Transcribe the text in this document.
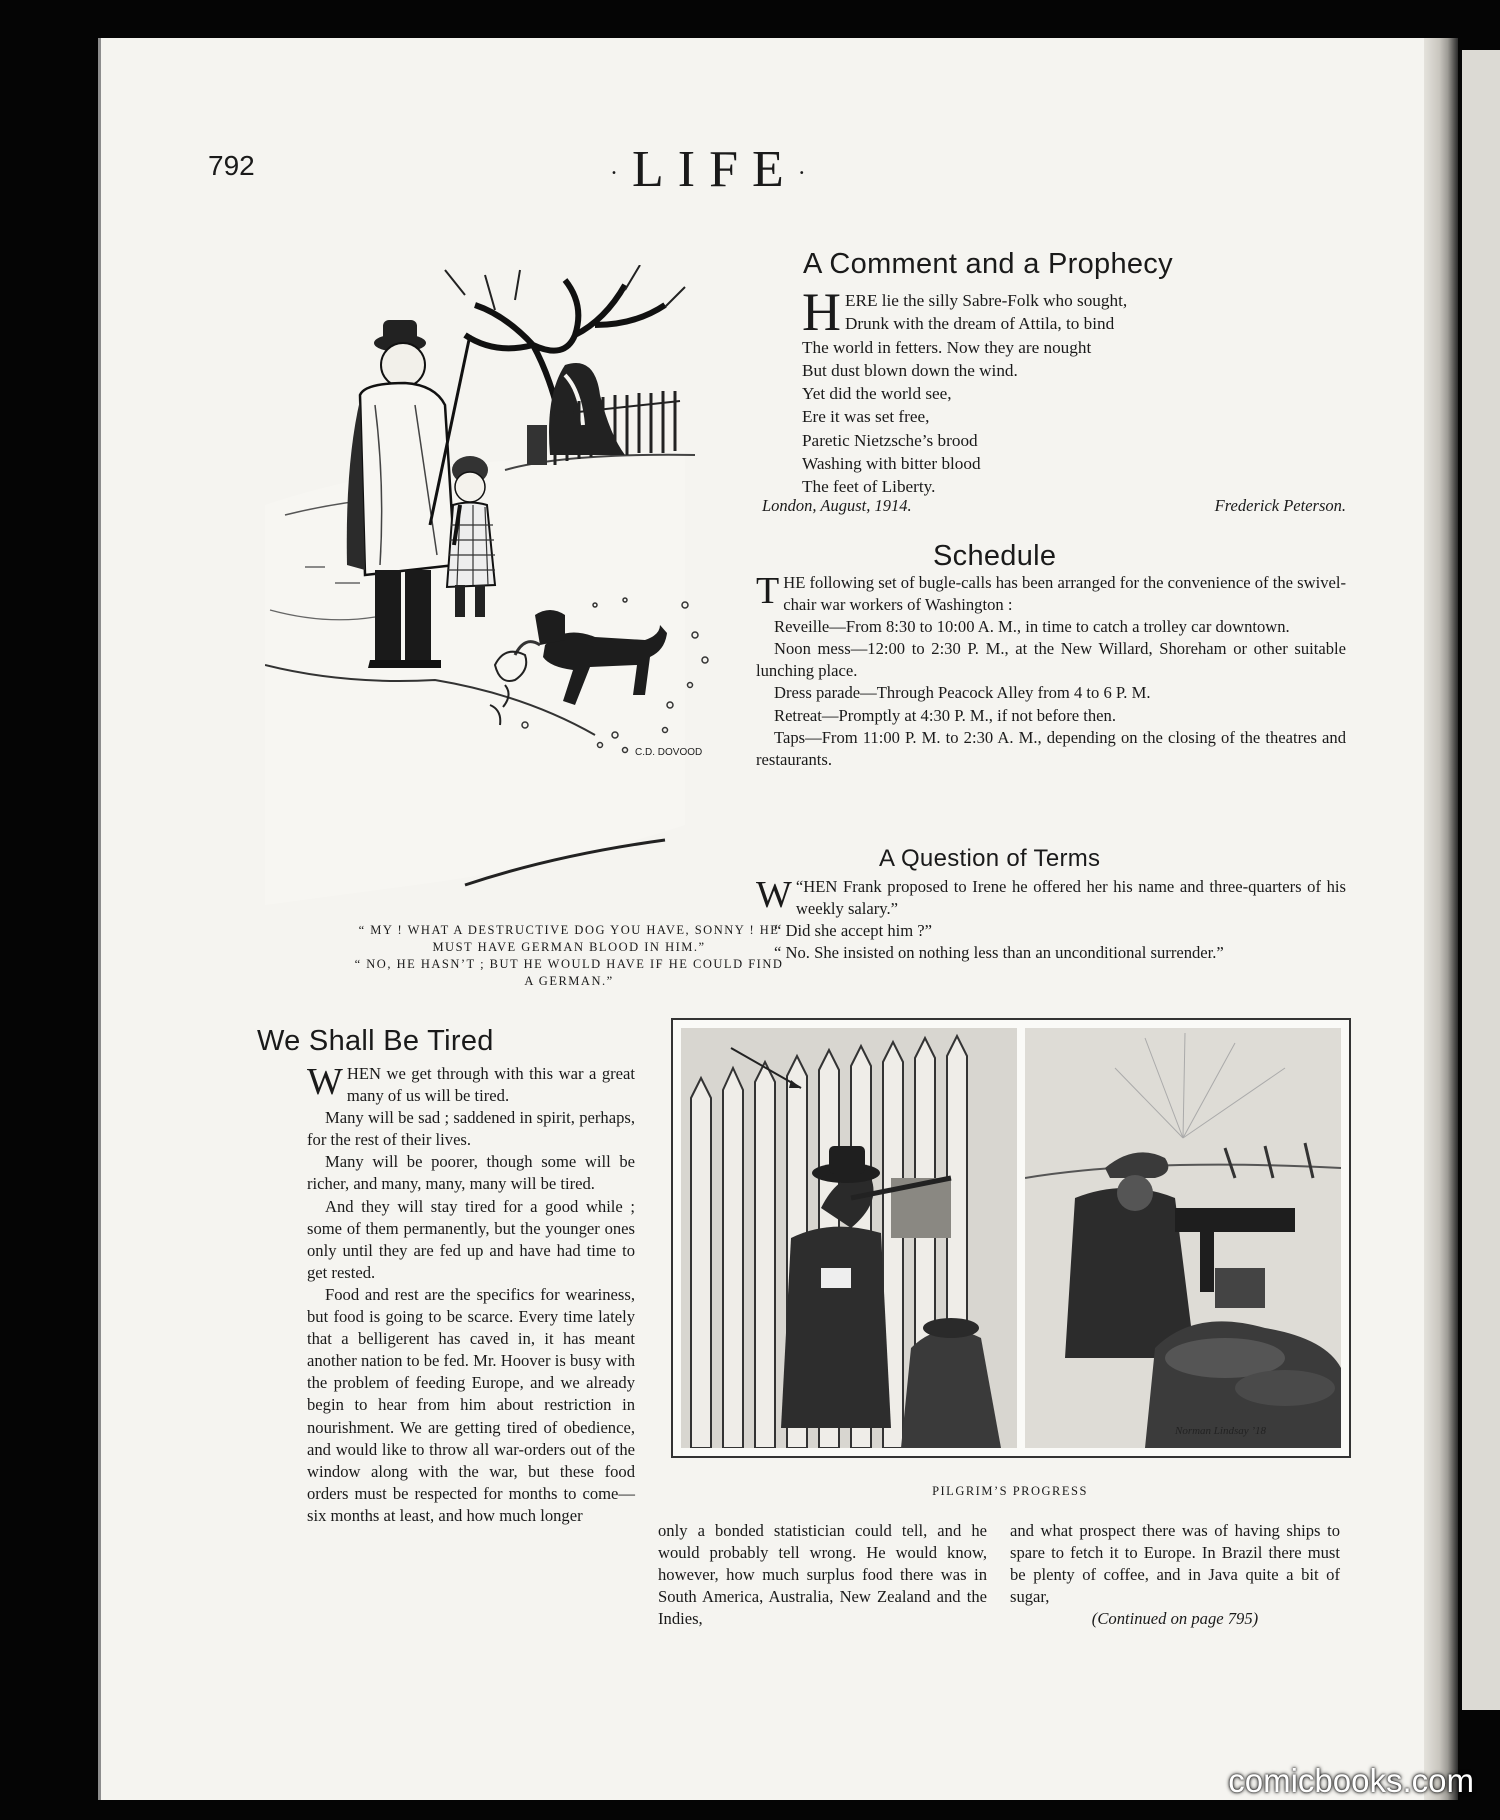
792	·LIFE·
C.D. DOVOOD
“ MY ! WHAT A DESTRUCTIVE DOG YOU HAVE, SONNY ! HE
MUST HAVE GERMAN BLOOD IN HIM.”
“ NO, HE HASN’T ; BUT HE WOULD HAVE IF HE COULD FIND
A GERMAN.”
A Comment and a Prophecy
H ERE lie the silly Sabre-Folk who sought,
Drunk with the dream of Attila, to bind
The world in fetters. Now they are nought
But dust blown down the wind.
Yet did the world see,
Ere it was set free,
Paretic Nietzsche’s brood
Washing with bitter blood
The feet of Liberty.
London, August, 1914.	Frederick Peterson.
Schedule

THE following set of bugle-calls has been arranged for the convenience of the swivel-chair war workers of Washington :

Reveille—From 8:30 to 10:00 A. M., in time to catch a trolley car downtown.

Noon mess—12:00 to 2:30 P. M., at the New Willard, Shoreham or other suitable lunching place.

Dress parade—Through Peacock Alley from 4 to 6 P. M.

Retreat—Promptly at 4:30 P. M., if not before then.

Taps—From 11:00 P. M. to 2:30 A. M., depending on the closing of the theatres and restaurants.

A Question of Terms

“
W HEN Frank proposed to Irene he offered her his name and three-quarters of his weekly salary.”

“ Did she accept him ?”

“ No. She insisted on nothing less than an unconditional surrender.”

Norman Lindsay ’18
PILGRIM’S PROGRESS
We Shall Be Tired

WHEN we get through with this war a great many of us will be tired.

Many will be sad ; saddened in spirit, perhaps, for the rest of their lives.

Many will be poorer, though some will be richer, and many, many, many will be tired.

And they will stay tired for a good while ; some of them permanently, but the younger ones only until they are fed up and have had time to get rested.

Food and rest are the specifics for weariness, but food is going to be scarce. Every time lately that a belligerent has caved in, it has meant another nation to be fed. Mr. Hoover is busy with the problem of feeding Europe, and we already begin to hear from him about restriction in nourishment. We are getting tired of obedience, and would like to throw all war-orders out of the window along with the war, but these food orders must be respected for months to come—six months at least, and how much longer

only a bonded statistician could tell, and he would probably tell wrong. He would know, however, how much surplus food there was in South America, Australia, New Zealand and the Indies,

and what prospect there was of having ships to spare to fetch it to Europe. In Brazil there must be plenty of coffee, and in Java quite a bit of sugar,

(Continued on page 795)

comicbooks.com
